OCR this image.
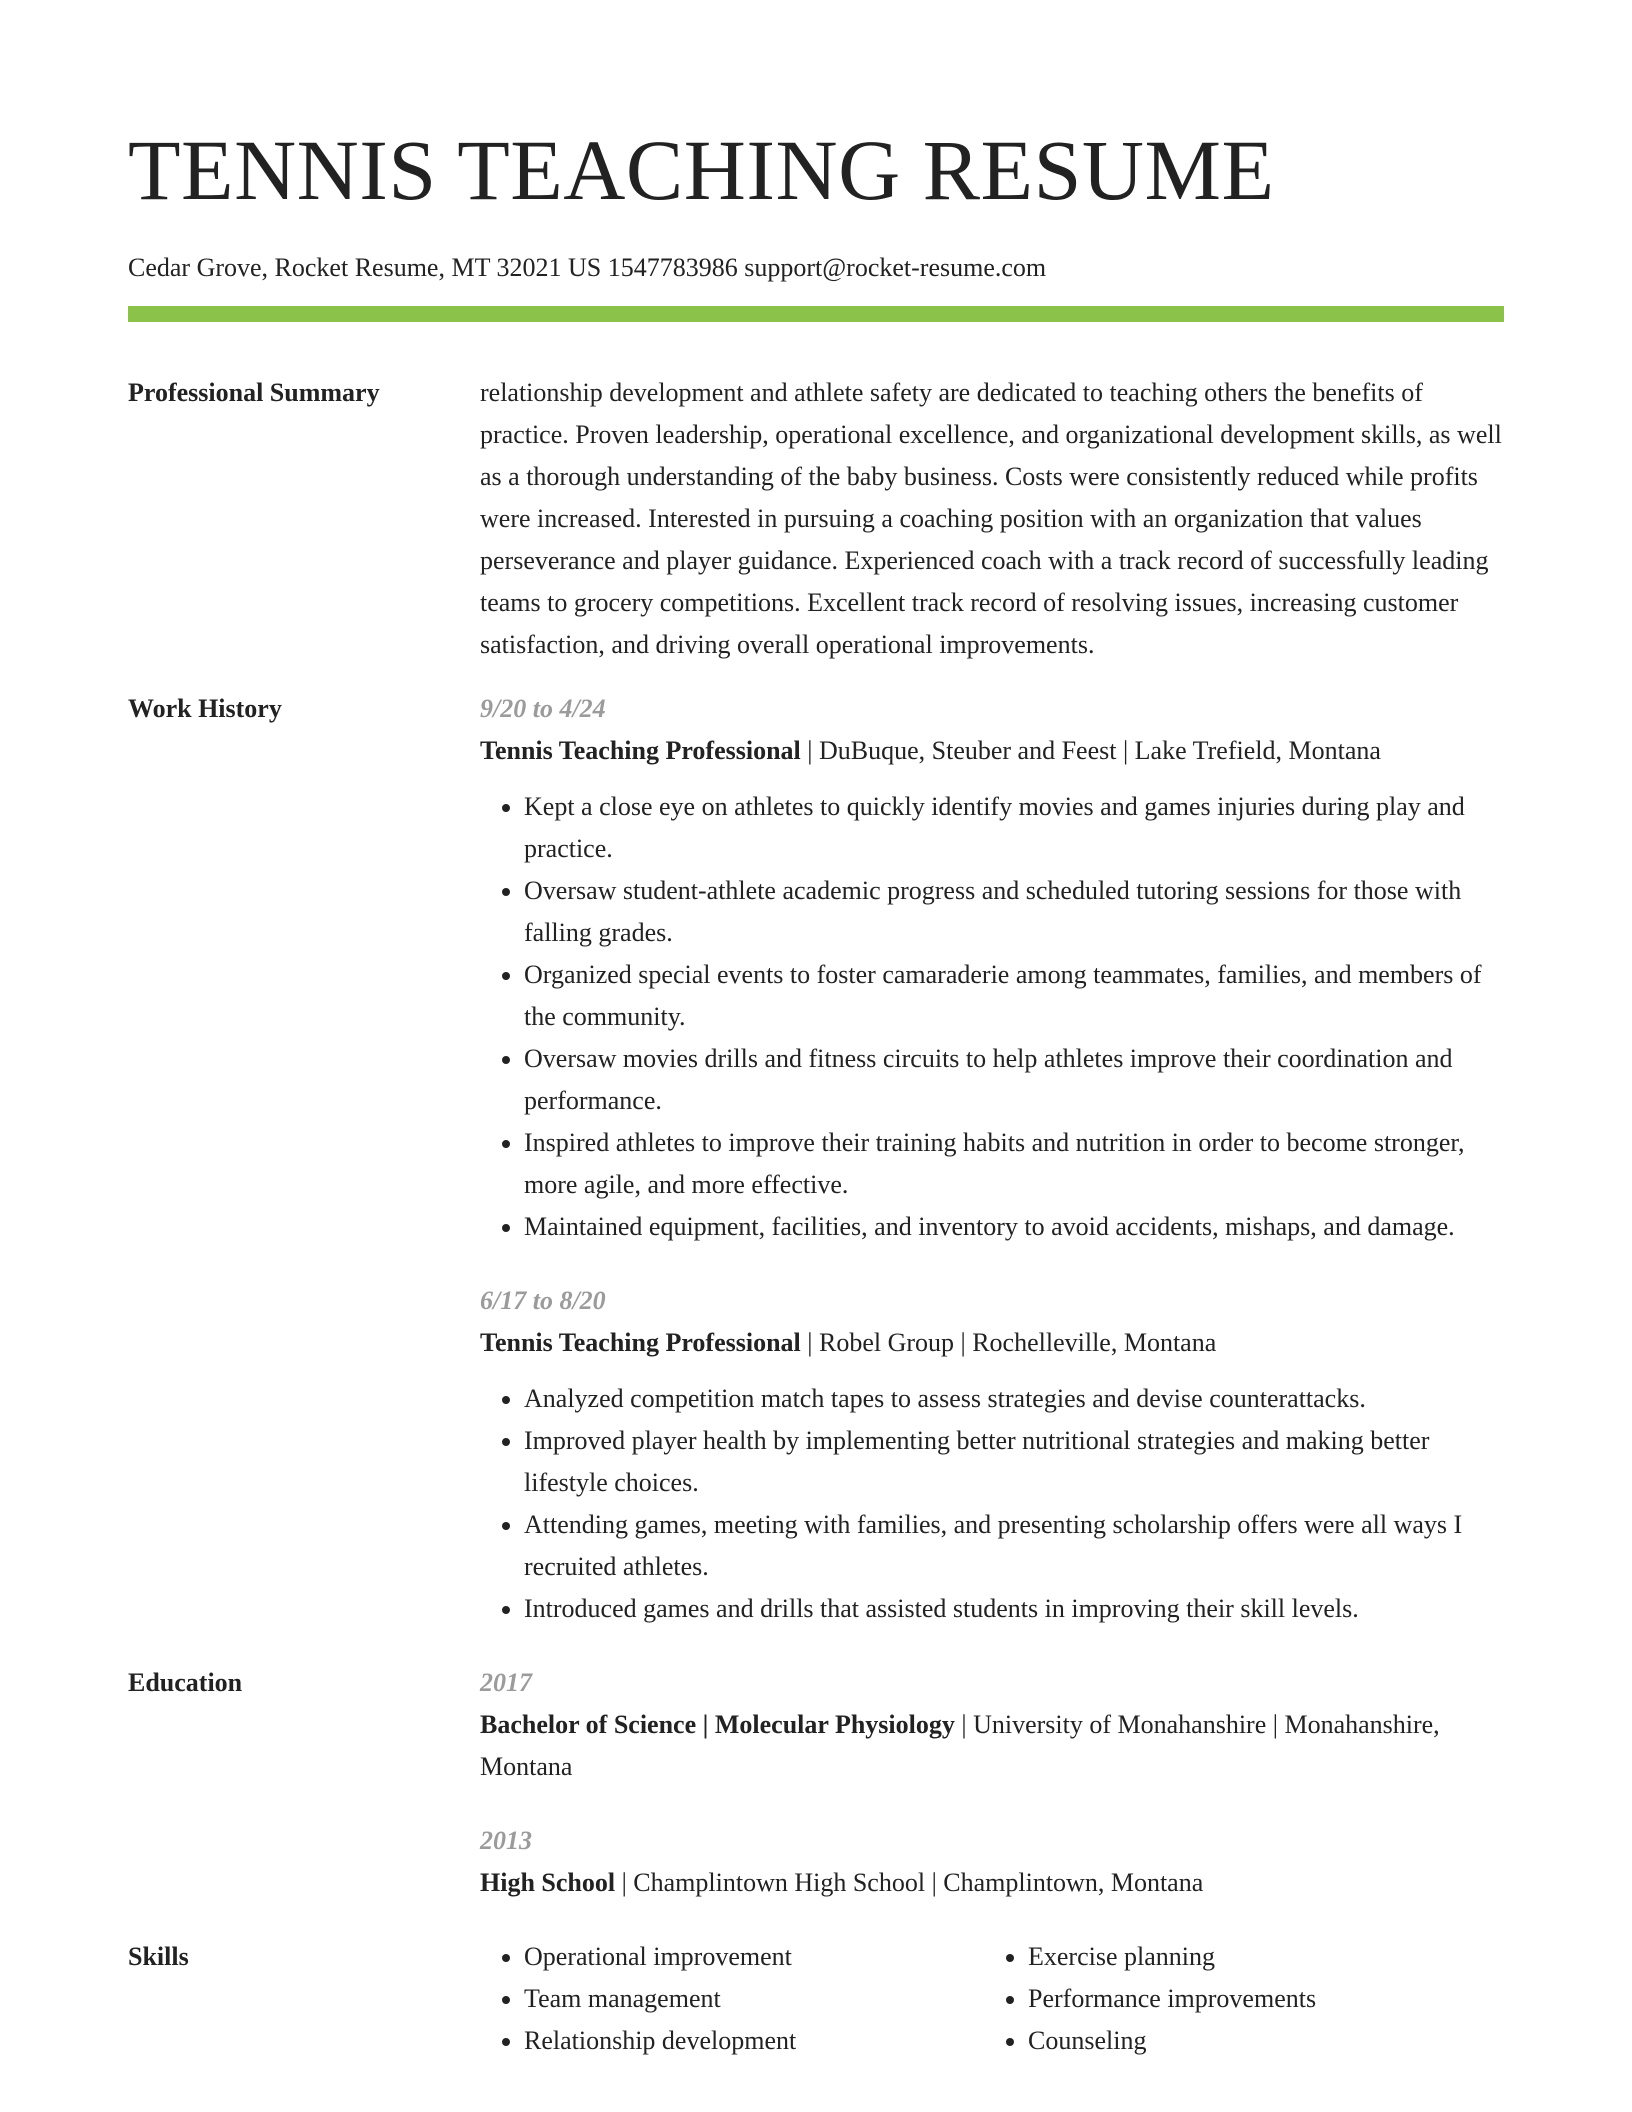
TENNIS TEACHING RESUME
Cedar Grove, Rocket Resume, MT 32021 US 1547783986 support@rocket-resume.com
Professional Summary	relationship development and athlete safety are dedicated to teaching others the benefits of practice. Proven leadership, operational excellence, and organizational development skills, as well as a thorough understanding of the baby business. Costs were consistently reduced while profits were increased. Interested in pursuing a coaching position with an organization that values perseverance and player guidance. Experienced coach with a track record of successfully leading teams to grocery competitions. Excellent track record of resolving issues, increasing customer satisfaction, and driving overall operational improvements.

Work History	9/20 to 4/24
Tennis Teaching Professional | DuBuque, Steuber and Feest | Lake Trefield, Montana
• Kept a close eye on athletes to quickly identify movies and games injuries during play and practice.
• Oversaw student-athlete academic progress and scheduled tutoring sessions for those with falling grades.
• Organized special events to foster camaraderie among teammates, families, and members of the community.
• Oversaw movies drills and fitness circuits to help athletes improve their coordination and performance.
• Inspired athletes to improve their training habits and nutrition in order to become stronger, more agile, and more effective.
• Maintained equipment, facilities, and inventory to avoid accidents, mishaps, and damage.
6/17 to 8/20
Tennis Teaching Professional | Robel Group | Rochelleville, Montana
• Analyzed competition match tapes to assess strategies and devise counterattacks.
• Improved player health by implementing better nutritional strategies and making better lifestyle choices.
• Attending games, meeting with families, and presenting scholarship offers were all ways I recruited athletes.
• Introduced games and drills that assisted students in improving their skill levels.
Education	2017
Bachelor of Science | Molecular Physiology | University of Monahanshire | Monahanshire, Montana
2013
High School | Champlintown High School | Champlintown, Montana
Skills
•	Operational improvement
• Team management
• Relationship development
• Exercise planning
• Performance improvements
• Counseling
